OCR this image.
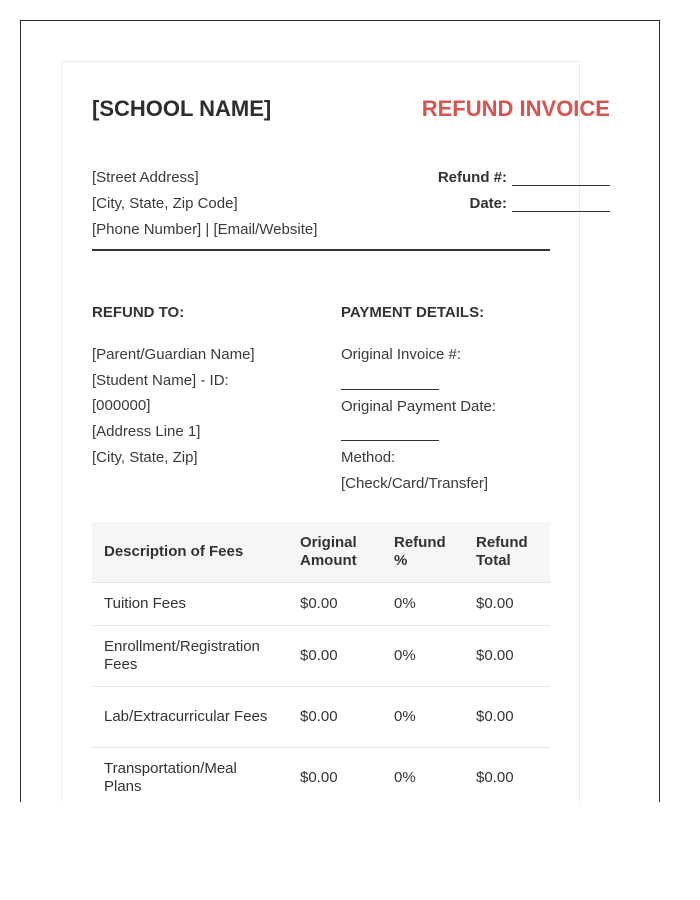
[SCHOOL NAME]	REFUND INVOICE
[Street Address]
[City, State, Zip Code]
[Phone Number] | [Email/Website]
Refund #:
Date:
REFUND TO:
[Parent/Guardian Name]
[Student Name] - ID:
[000000]
[Address Line 1]
[City, State, Zip]
PAYMENT DETAILS:
Original Invoice #:
Original Payment Date:
Method:
[Check/Card/Transfer]
Description of Fees	Original Amount	Refund %	Refund Total
Tuition Fees	$0.00	0%	$0.00
Enrollment/Registration Fees	$0.00	0%	$0.00
Lab/Extracurricular Fees	$0.00	0%	$0.00
Transportation/Meal Plans	$0.00	0%	$0.00
